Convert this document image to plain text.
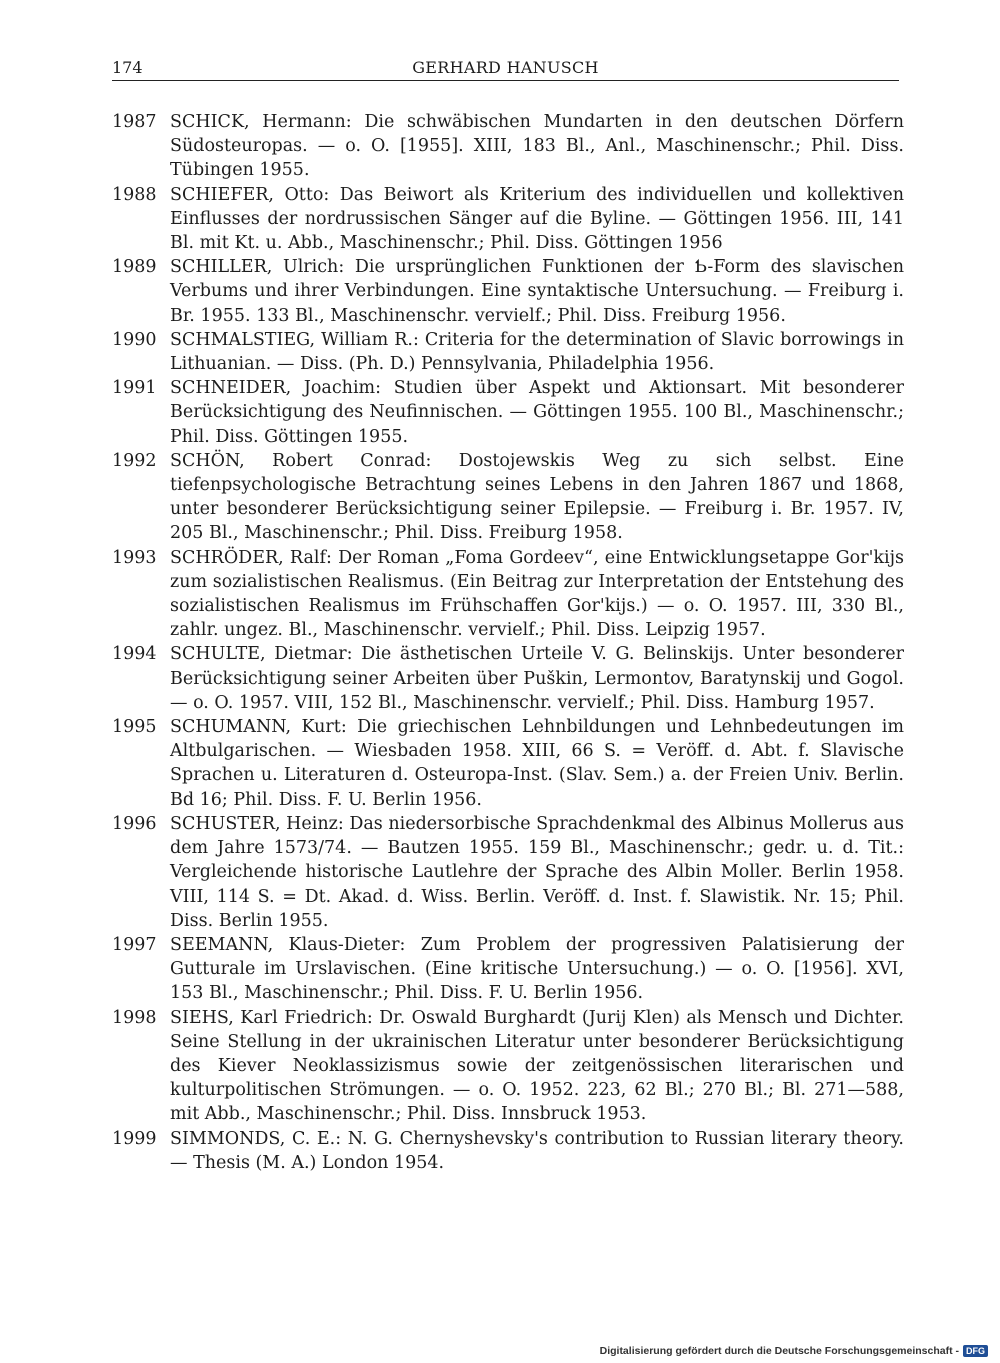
174	GERHARD HANUSCH
1987 SCHICK, Hermann: Die schwäbischen Mundarten in den deutschen Dörfern Südosteuropas. — o. O. [1955]. XIII, 183 Bl., Anl., Maschinenschr.; Phil. Diss. Tübingen 1955.
1988 SCHIEFER, Otto: Das Beiwort als Kriterium des individuellen und kollektiven Einflusses der nordrussischen Sänger auf die Byline. — Göttingen 1956. III, 141 Bl. mit Kt. u. Abb., Maschinenschr.; Phil. Diss. Göttingen 1956
1989 SCHILLER, Ulrich: Die ursprünglichen Funktionen der Ƅ-Form des slavischen Verbums und ihrer Verbindungen. Eine syntaktische Untersuchung. — Freiburg i. Br. 1955. 133 Bl., Maschinenschr. vervielf.; Phil. Diss. Freiburg 1956.
1990 SCHMALSTIEG, William R.: Criteria for the determination of Slavic borrowings in Lithuanian. — Diss. (Ph. D.) Pennsylvania, Philadelphia 1956.
1991 SCHNEIDER, Joachim: Studien über Aspekt und Aktionsart. Mit besonderer Berücksichtigung des Neufinnischen. — Göttingen 1955. 100 Bl., Maschinenschr.; Phil. Diss. Göttingen 1955.
1992 SCHÖN, Robert Conrad: Dostojewskis Weg zu sich selbst. Eine tiefenpsychologische Betrachtung seines Lebens in den Jahren 1867 und 1868, unter besonderer Berücksichtigung seiner Epilepsie. — Freiburg i. Br. 1957. IV, 205 Bl., Maschinenschr.; Phil. Diss. Freiburg 1958.
1993 SCHRÖDER, Ralf: Der Roman „Foma Gordeev“, eine Entwicklungsetappe Gor'kijs zum sozialistischen Realismus. (Ein Beitrag zur Interpretation der Entstehung des sozialistischen Realismus im Frühschaffen Gor'kijs.) — o. O. 1957. III, 330 Bl., zahlr. ungez. Bl., Maschinenschr. vervielf.; Phil. Diss. Leipzig 1957.
1994 SCHULTE, Dietmar: Die ästhetischen Urteile V. G. Belinskijs. Unter besonderer Berücksichtigung seiner Arbeiten über Puškin, Lermontov, Baratynskij und Gogol. — o. O. 1957. VIII, 152 Bl., Maschinenschr. vervielf.; Phil. Diss. Hamburg 1957.
1995 SCHUMANN, Kurt: Die griechischen Lehnbildungen und Lehnbedeutungen im Altbulgarischen. — Wiesbaden 1958. XIII, 66 S. = Veröff. d. Abt. f. Slavische Sprachen u. Literaturen d. Osteuropa-Inst. (Slav. Sem.) a. der Freien Univ. Berlin. Bd 16; Phil. Diss. F. U. Berlin 1956.
1996 SCHUSTER, Heinz: Das niedersorbische Sprachdenkmal des Albinus Mollerus aus dem Jahre 1573/74. — Bautzen 1955. 159 Bl., Maschinenschr.; gedr. u. d. Tit.: Vergleichende historische Lautlehre der Sprache des Albin Moller. Berlin 1958. VIII, 114 S. = Dt. Akad. d. Wiss. Berlin. Veröff. d. Inst. f. Slawistik. Nr. 15; Phil. Diss. Berlin 1955.
1997 SEEMANN, Klaus-Dieter: Zum Problem der progressiven Palatisierung der Gutturale im Urslavischen. (Eine kritische Untersuchung.) — o. O. [1956]. XVI, 153 Bl., Maschinenschr.; Phil. Diss. F. U. Berlin 1956.
1998 SIEHS, Karl Friedrich: Dr. Oswald Burghardt (Jurij Klen) als Mensch und Dichter. Seine Stellung in der ukrainischen Literatur unter besonderer Berücksichtigung des Kiever Neoklassizismus sowie der zeitgenössischen literarischen und kulturpolitischen Strömungen. — o. O. 1952. 223, 62 Bl.; 270 Bl.; Bl. 271—588, mit Abb., Maschinenschr.; Phil. Diss. Innsbruck 1953.
1999 SIMMONDS, C. E.: N. G. Chernyshevsky's contribution to Russian literary theory. — Thesis (M. A.) London 1954.
Digitalisierung gefördert durch die Deutsche Forschungsgemeinschaft - DFG
